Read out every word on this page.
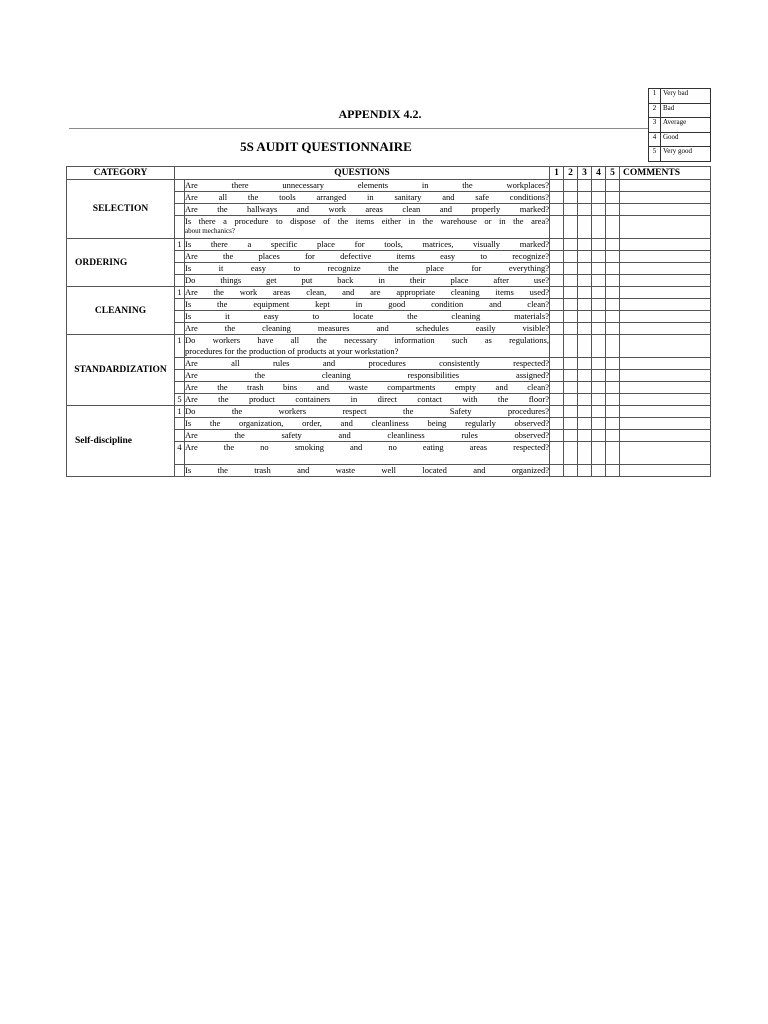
APPENDIX 4.2.
5S AUDIT QUESTIONNAIRE
1	Very bad
2	Bad
3	Average
4	Good
5	Very good
CATEGORY	QUESTIONS		1	2	3	4	5	COMMENTS
SELECTION		Are there unnecessary elements in the workplaces?						
		Are all the tools arranged in sanitary and safe conditions?						
		Are the hallways and work areas clean and properly marked?						

		Is there a procedure to dispose of the items either in the warehouse or in the area?
about mechanics?						

ORDERING	1	Is there a specific place for tools, matrices, visually marked?						
		Are the places for defective items easy to recognize?						
		Is it easy to recognize the place for everything?						
		Do things get put back in their place after use?						
CLEANING	1	Are the work areas clean, and are appropriate cleaning items used?						
		Is the equipment kept in good condition and clean?						
		Is it easy to locate the cleaning materials?						
		Are the cleaning measures and schedules easily visible?						
STANDARDIZATION	1	Do workers have all the necessary information such as regulations,
procedures for the production of products at your workstation?						

		Are all rules and procedures consistently respected?						
		Are the cleaning responsibilities assigned?						
		Are the trash bins and waste compartments empty and clean?						
	5	Are the product containers in direct contact with the floor?						
Self-discipline	1	Do the workers respect the Safety procedures?						
		Is the organization, order, and cleanliness being regularly observed?						
		Are the safety and cleanliness rules observed?						
	4	Are the no smoking and no eating areas respected?						
		Is the trash and waste well located and organized?						
